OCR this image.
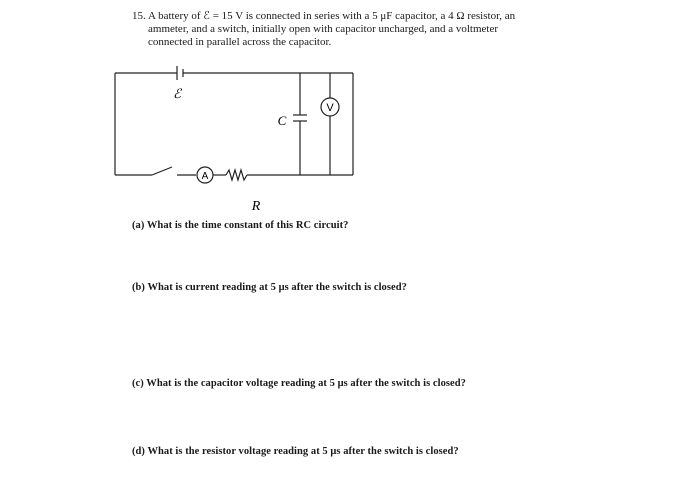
15. A battery of ℰ = 15 V is connected in series with a 5 μF capacitor, a 4 Ω resistor, an
ammeter, and a switch, initially open with capacitor uncharged, and a voltmeter
connected in parallel across the capacitor.
ℰ
C
A
V
R
(a) What is the time constant of this RC circuit?
(b) What is current reading at 5 μs after the switch is closed?
(c) What is the capacitor voltage reading at 5 μs after the switch is closed?
(d) What is the resistor voltage reading at 5 μs after the switch is closed?
